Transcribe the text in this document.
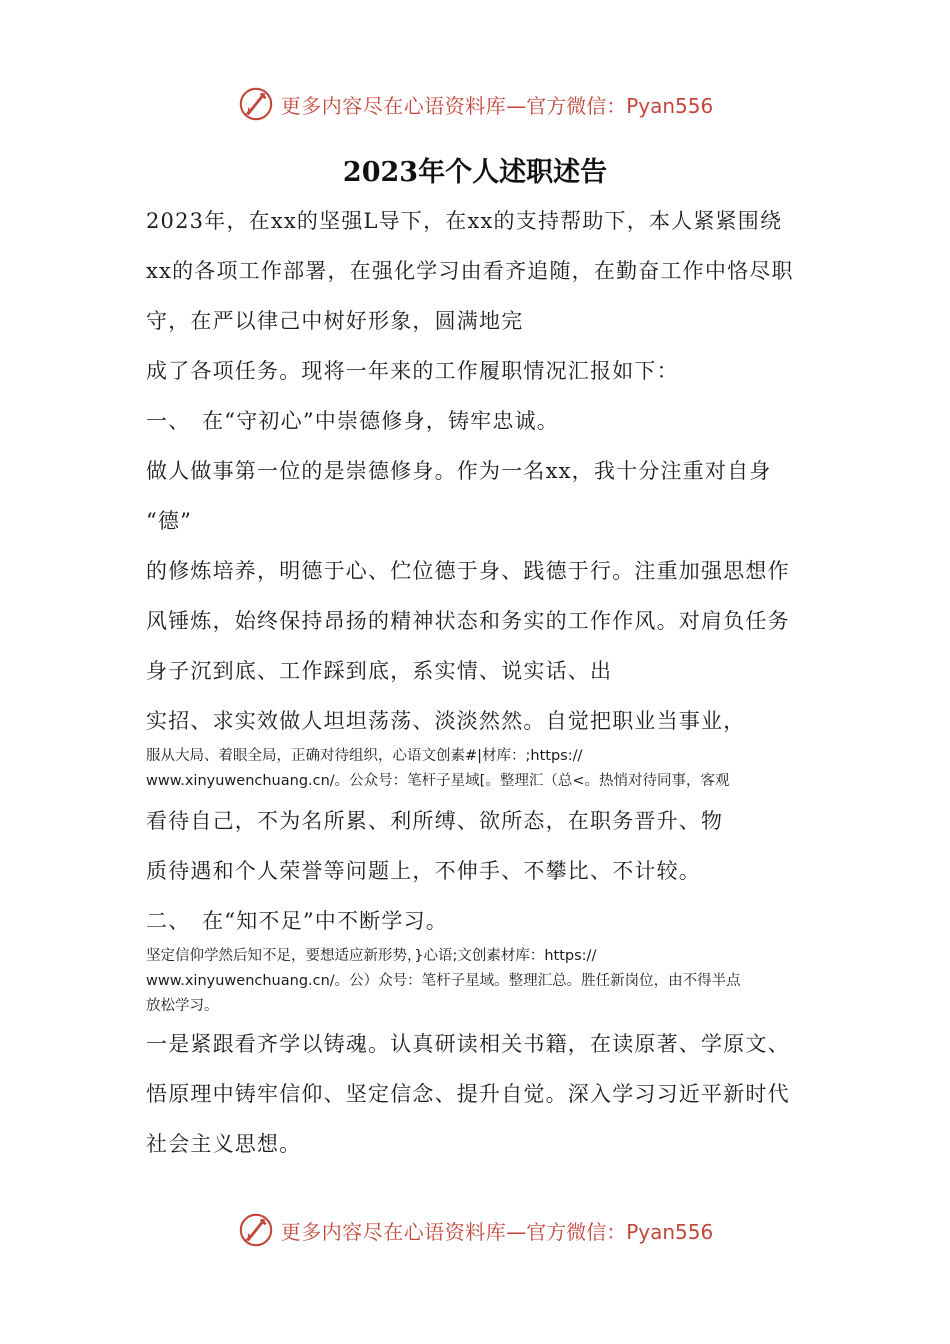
更多内容尽在心语资料库 —官方微信：Pyan556
2023年个人述职述告
2023年，在xx的坚强L导下，在xx的支持帮助下，本人紧紧围绕
xx的各项工作部署，在强化学习由看齐追随，在勤奋工作中恪尽职
守，在严以律己中树好形象，圆满地完
成了各项任务。现将一年来的工作履职情况汇报如下：
一、　在“守初心”中崇德修身，铸牢忠诚。
做人做事第一位的是崇德修身。作为一名xx，我十分注重对自身
“德”
的修炼培养，明德于心、伫位德于身、践德于行。注重加强思想作
风锤炼，始终保持昂扬的精神状态和务实的工作作风。对肩负任务
身子沉到底、工作踩到底，系实情、说实话、出
实招、求实效做人坦坦荡荡、淡淡然然。自觉把职业当事业，
服从大局、着眼全局，正确对待组织，心语文创素#|材库：;https://
www.xinyuwenchuang.cn/。公众号：笔杆子星域[。整理汇（总<。热悄对待同事，客观
看待自己，不为名所累、利所缚、欲所态，在职务晋升、物
质待遇和个人荣誉等问题上，不伸手、不攀比、不计较。
二、　在“知不足”中不断学习。
坚定信仰学然后知不足，要想适应新形势，}心语;文创素材库：https://
www.xinyuwenchuang.cn/。公）众号：笔杆子星域。整理汇总。胜任新岗位，由不得半点
放松学习。
一是紧跟看齐学以铸魂。认真研读相关书籍，在读原著、学原文、
悟原理中铸牢信仰、坚定信念、提升自觉。深入学习习近平新时代
社会主义思想。
更多内容尽在心语资料库 —官方微信：Pyan556
